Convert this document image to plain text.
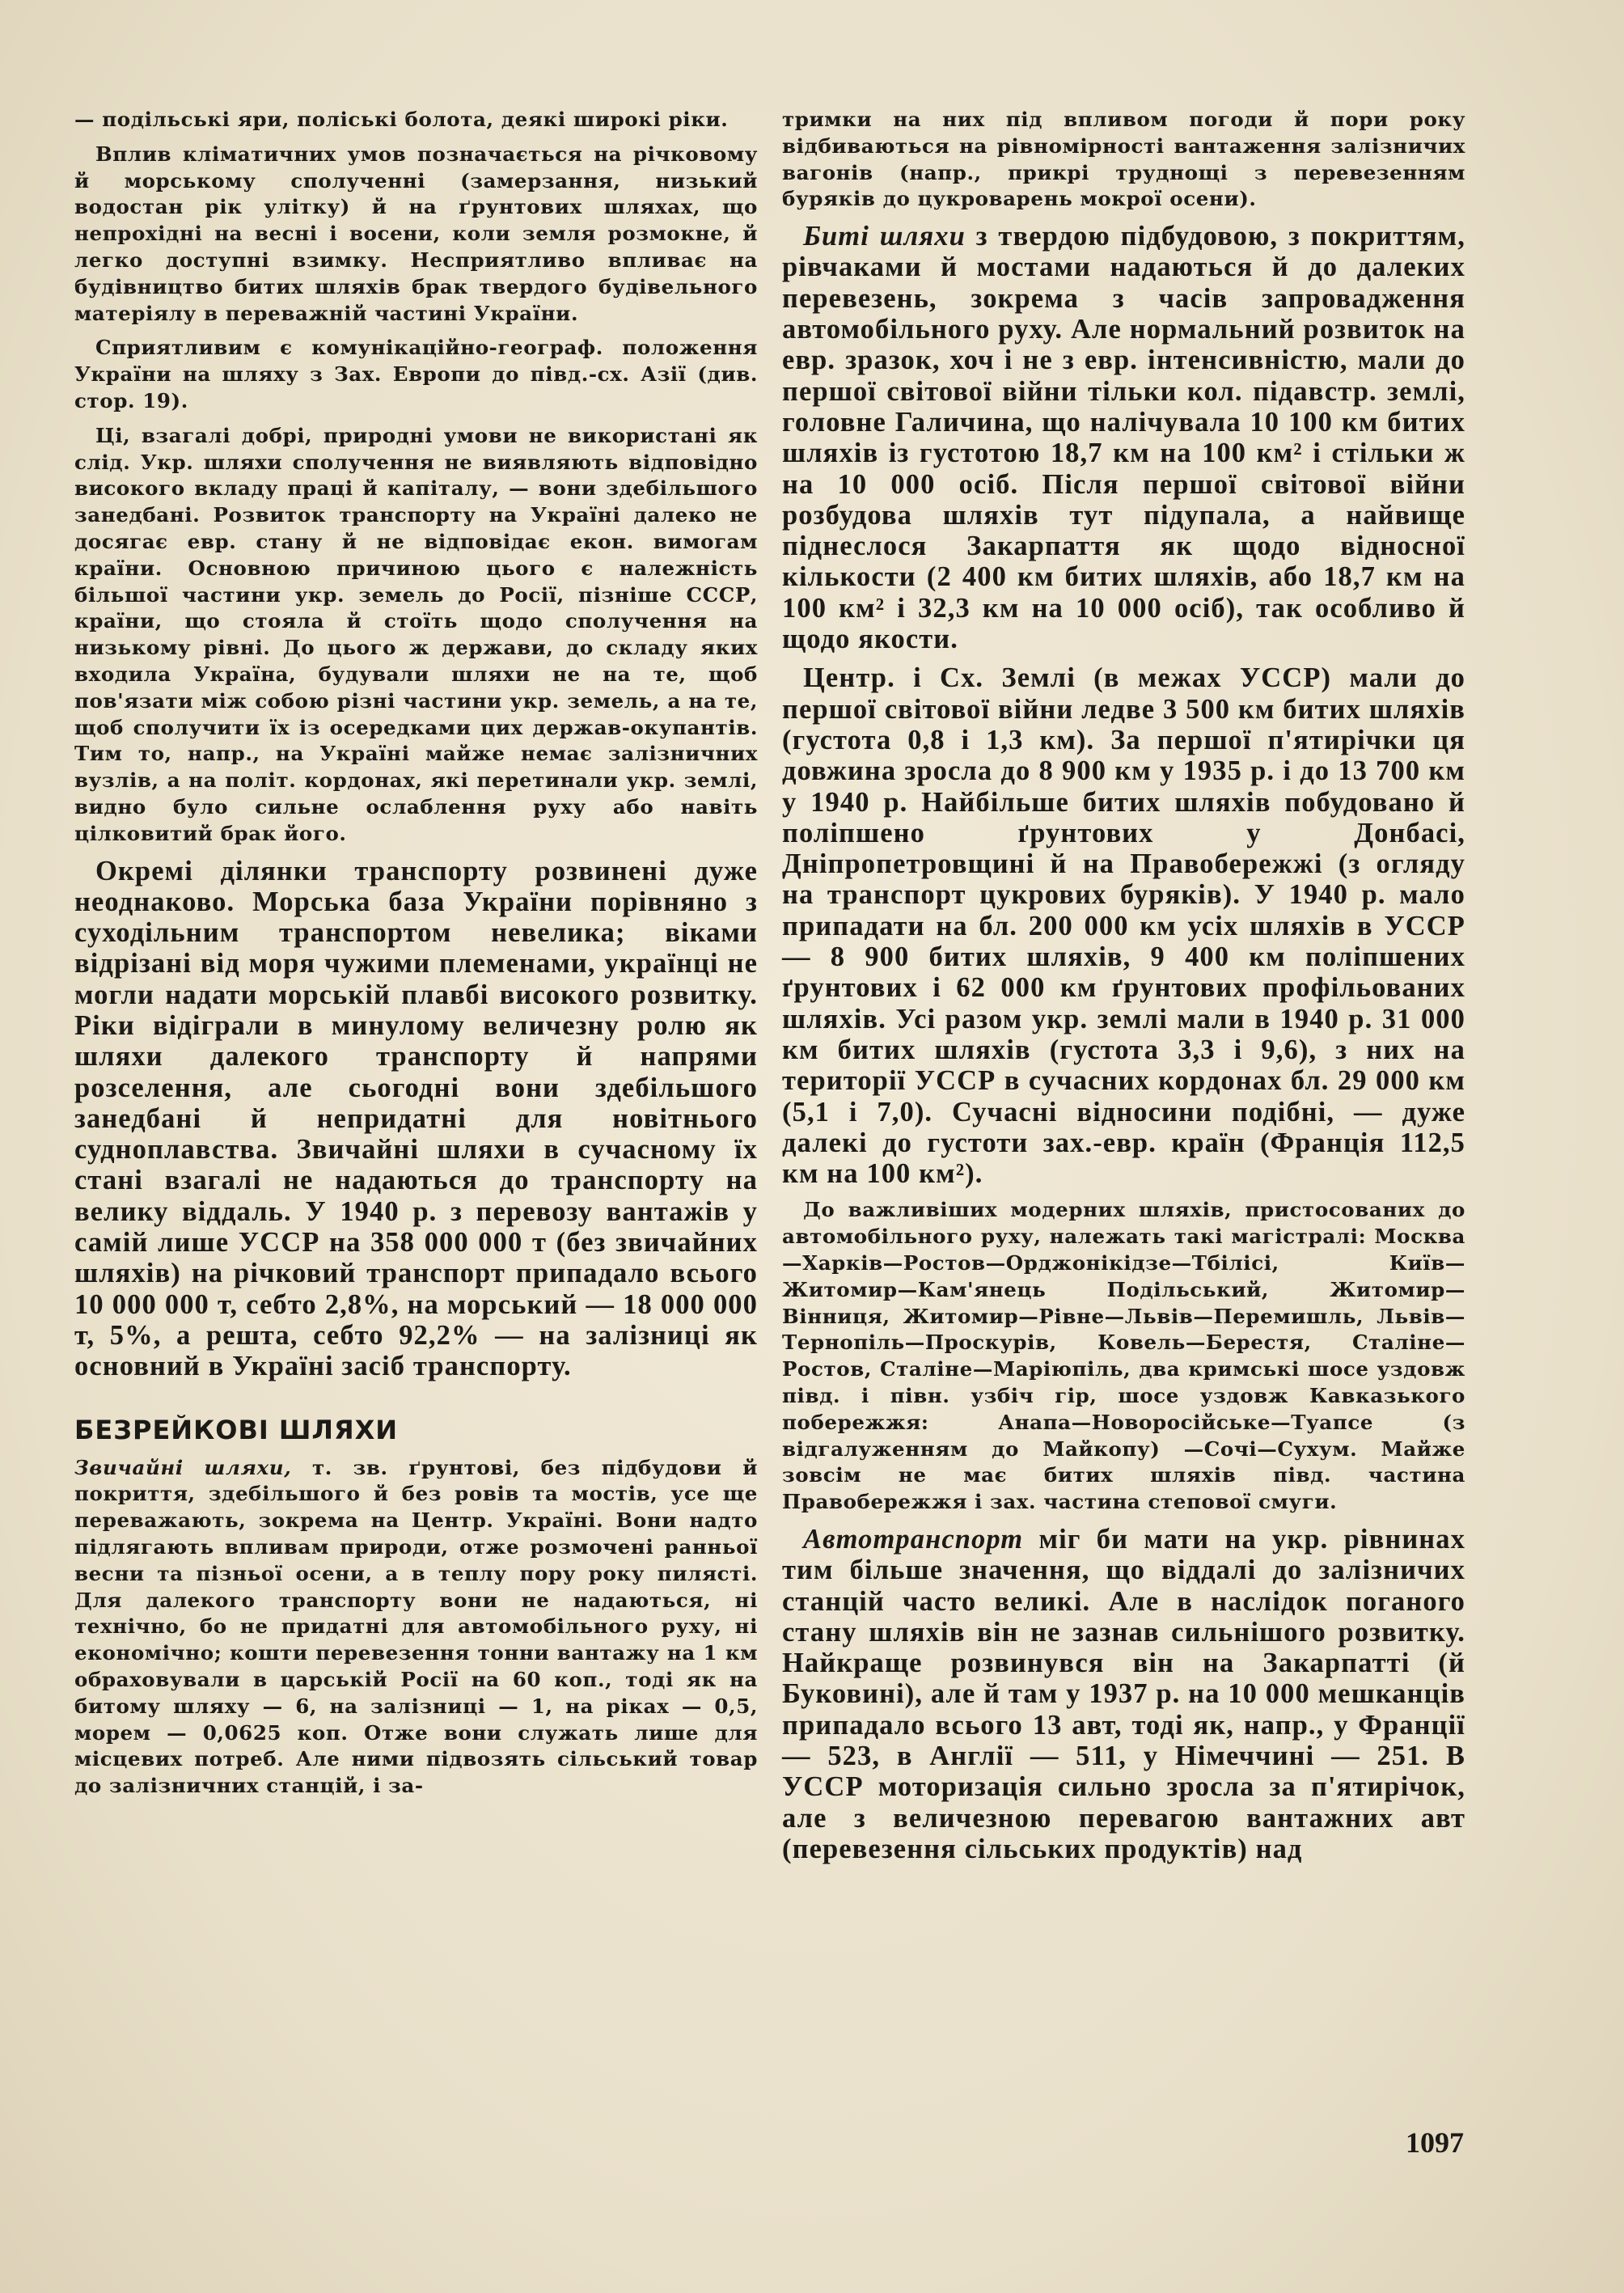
— подільські яри, поліські болота, деякі широкі ріки.

Вплив кліматичних умов позначається на річковому й морському сполученні (замерзання, низький водостан рік улітку) й на ґрунтових шляхах, що непрохідні на весні і восени, коли земля розмокне, й легко доступні взимку. Несприятливо впливає на будівництво битих шляхів брак твердого будівельного матеріялу в переважній частині України.

Сприятливим є комунікаційно-географ. положення України на шляху з Зах. Европи до півд.-сх. Азії (див. стор. 19).

Ці, взагалі добрі, природні умови не використані як слід. Укр. шляхи сполучення не виявляють відповідно високого вкладу праці й капіталу, — вони здебільшого занедбані. Розвиток транспорту на Україні далеко не досягає евр. стану й не відповідає екон. вимогам країни. Основною причиною цього є належність більшої частини укр. земель до Росії, пізніше СССР, країни, що стояла й стоїть щодо сполучення на низькому рівні. До цього ж держави, до складу яких входила Україна, будували шляхи не на те, щоб пов'язати між собою різні частини укр. земель, а на те, щоб сполучити їх із осередками цих держав-окупантів. Тим то, напр., на Україні майже немає залізничних вузлів, а на політ. кордонах, які перетинали укр. землі, видно було сильне ослаблення руху або навіть цілковитий брак його.

Окремі ділянки транспорту розвинені дуже неоднаково. Морська база України порівняно з суходільним транспортом невелика; віками відрізані від моря чужими племенами, українці не могли надати морській плавбі високого розвитку. Ріки відіграли в минулому величезну ролю як шляхи далекого транспорту й напрями розселення, але сьогодні вони здебільшого занедбані й непридатні для новітнього судноплавства. Звичайні шляхи в сучасному їх стані взагалі не надаються до транспорту на велику віддаль. У 1940 р. з перевозу вантажів у самій лише УССР на 358 000 000 т (без звичайних шляхів) на річковий транспорт припадало всього 10 000 000 т, себто 2,8%, на морський — 18 000 000 т, 5%, а решта, себто 92,2% — на залізниці як основний в Україні засіб транспорту.

БЕЗРЕЙКОВІ ШЛЯХИ

Звичайні шляхи, т. зв. ґрунтові, без підбудови й покриття, здебільшого й без ровів та мостів, усе ще переважають, зокрема на Центр. Україні. Вони надто підлягають впливам природи, отже розмочені ранньої весни та пізньої осени, а в теплу пору року пилясті. Для далекого транспорту вони не надаються, ні технічно, бо не придатні для автомобільного руху, ні економічно; кошти перевезення тонни вантажу на 1 км обраховували в царській Росії на 60 коп., тоді як на битому шляху — 6, на залізниці — 1, на ріках — 0,5, морем — 0,0625 коп. Отже вони служать лише для місцевих потреб. Але ними підвозять сільський товар до залізничних станцій, і за-

тримки на них під впливом погоди й пори року відбиваються на рівномірності вантаження залізничих вагонів (напр., прикрі труднощі з перевезенням буряків до цукроварень мокрої осени).

Биті шляхи з твердою підбудовою, з покриттям, рівчаками й мостами надаються й до далеких перевезень, зокрема з часів запровадження автомобільного руху. Але нормальний розвиток на евр. зразок, хоч і не з евр. інтенсивністю, мали до першої світової війни тільки кол. підавстр. землі, головне Галичина, що налічувала 10 100 км битих шляхів із густотою 18,7 км на 100 км² і стільки ж на 10 000 осіб. Після першої світової війни розбудова шляхів тут підупала, а найвище піднеслося Закарпаття як щодо відносної кількости (2 400 км битих шляхів, або 18,7 км на 100 км² і 32,3 км на 10 000 осіб), так особливо й щодо якости.

Центр. і Сх. Землі (в межах УССР) мали до першої світової війни ледве 3 500 км битих шляхів (густота 0,8 і 1,3 км). За першої п'ятирічки ця довжина зросла до 8 900 км у 1935 р. і до 13 700 км у 1940 р. Найбільше битих шляхів побудовано й поліпшено ґрунтових у Донбасі, Дніпропетровщині й на Правобережжі (з огляду на транспорт цукрових буряків). У 1940 р. мало припадати на бл. 200 000 км усіх шляхів в УССР — 8 900 битих шляхів, 9 400 км поліпшених ґрунтових і 62 000 км ґрунтових профільованих шляхів. Усі разом укр. землі мали в 1940 р. 31 000 км битих шляхів (густота 3,3 і 9,6), з них на території УССР в сучасних кордонах бл. 29 000 км (5,1 і 7,0). Сучасні відносини подібні, — дуже далекі до густоти зах.-евр. країн (Франція 112,5 км на 100 км²).

До важливіших модерних шляхів, пристосованих до автомобільного руху, належать такі магістралі: Москва—Харків—Ростов—Орджонікідзе—Тбілісі, Київ—Житомир—Кам'янець Подільський, Житомир—Вінниця, Житомир—Рівне—Львів—Перемишль, Львів—Тернопіль—Проскурів, Ковель—Берестя, Сталіне—Ростов, Сталіне—Маріюпіль, два кримські шосе уздовж півд. і півн. узбіч гір, шосе уздовж Кавказького побережжя: Анапа—Новоросійське—Туапсе (з відгалуженням до Майкопу) —Сочі—Сухум. Майже зовсім не має битих шляхів півд. частина Правобережжя і зах. частина степової смуги.

Автотранспорт міг би мати на укр. рівнинах тим більше значення, що віддалі до залізничих станцій часто великі. Але в наслідок поганого стану шляхів він не зазнав сильнішого розвитку. Найкраще розвинувся він на Закарпатті (й Буковині), але й там у 1937 р. на 10 000 мешканців припадало всього 13 авт, тоді як, напр., у Франції — 523, в Англії — 511, у Німеччині — 251. В УССР моторизація сильно зросла за п'ятирічок, але з величезною перевагою вантажних авт (перевезення сільських продуктів) над

1097
